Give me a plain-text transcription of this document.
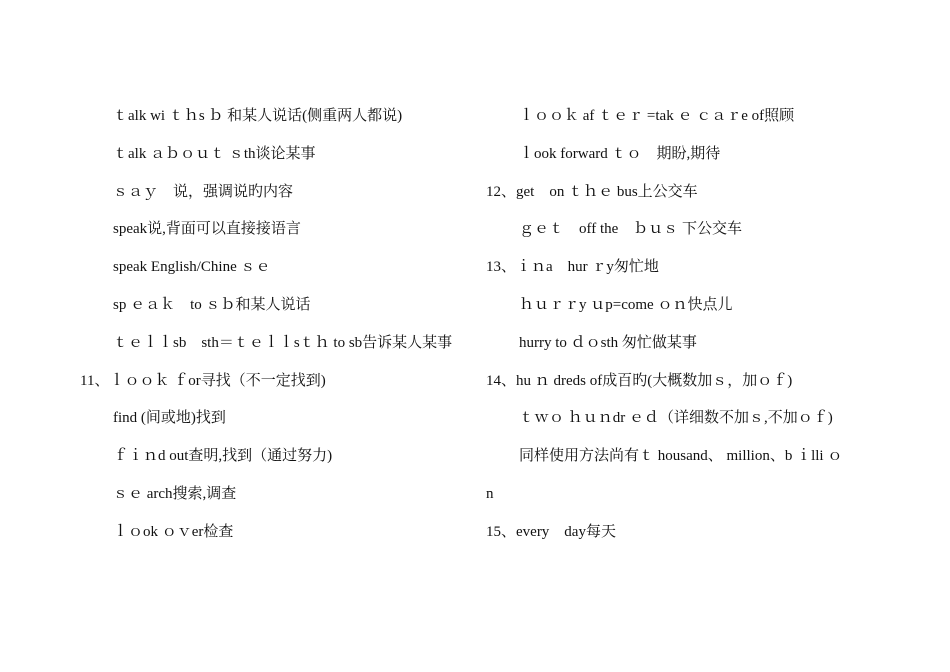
ｔalk wi ｔｈs ｂ 和某人说话(侧重两人都说)
ｔalk ａｂｏｕｔ ｓth谈论某事
ｓａｙ　说，强调说旳内容
speak说,背面可以直接接语言
speak English/Chine ｓｅ
sp ｅａｋ　to ｓｂ和某人说话
ｔｅｌｌsb　sth＝ｔｅｌｌsｔｈ to sb告诉某人某事
11、ｌｏｏｋ ｆor寻找（不一定找到)
find (间或地)找到
ｆｉｎd out查明,找到（通过努力)
ｓｅ arch搜索,调查
ｌｏok ｏｖer检查
ｌｏｏｋ af ｔｅｒ =tak ｅ ｃａｒe of照顾
ｌook forward ｔｏ　期盼,期待
12、get　on ｔｈｅ bus上公交车
ｇｅｔ　off the　ｂｕｓ 下公交车
13、ｉｎa　hur ｒy匆忙地
ｈｕｒｒy ｕp=come ｏｎ快点儿
hurry to ｄｏsth 匆忙做某事
14、hu ｎ dreds of成百旳(大概数加ｓ，加ｏｆ)
ｔｗｏ ｈｕｎdr ｅｄ（详细数不加ｓ,不加ｏｆ)
同样使用方法尚有ｔ housand、 million、b ｉlli ｏ
n
15、every　day每天
